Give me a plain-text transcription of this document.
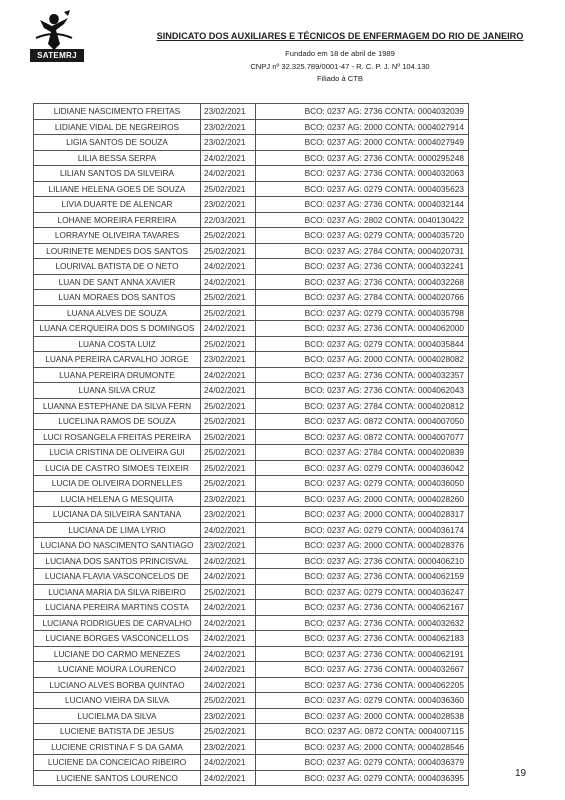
SATEMRJ
SINDICATO DOS AUXILIARES E TÉCNICOS DE ENFERMAGEM DO RIO DE JANEIRO
Fundado em 18 de abril de 1989
CNPJ nº 32.325.789/0001-47 - R. C. P. J. Nº 104.130
Filiado à CTB
LIDIANE NASCIMENTO FREITAS	23/02/2021	BCO: 0237 AG: 2736 CONTA: 0004032039
LIDIANE VIDAL DE NEGREIROS	23/02/2021	BCO: 0237 AG: 2000 CONTA: 0004027914
LIGIA SANTOS DE SOUZA	23/02/2021	BCO: 0237 AG: 2000 CONTA: 0004027949
LILIA BESSA SERPA	24/02/2021	BCO: 0237 AG: 2736 CONTA: 0000295248
LILIAN SANTOS DA SILVEIRA	24/02/2021	BCO: 0237 AG: 2736 CONTA: 0004032063
LILIANE HELENA GOES DE SOUZA	25/02/2021	BCO: 0237 AG: 0279 CONTA: 0004035623
LIVIA DUARTE DE ALENCAR	23/02/2021	BCO: 0237 AG: 2736 CONTA: 0004032144
LOHANE MOREIRA FERREIRA	22/03/2021	BCO: 0237 AG: 2802 CONTA: 0040130422
LORRAYNE OLIVEIRA TAVARES	25/02/2021	BCO: 0237 AG: 0279 CONTA: 0004035720
LOURINETE MENDES DOS SANTOS	25/02/2021	BCO: 0237 AG: 2784 CONTA: 0004020731
LOURIVAL BATISTA DE O NETO	24/02/2021	BCO: 0237 AG: 2736 CONTA: 0004032241
LUAN DE SANT ANNA XAVIER	24/02/2021	BCO: 0237 AG: 2736 CONTA: 0004032268
LUAN MORAES DOS SANTOS	25/02/2021	BCO: 0237 AG: 2784 CONTA: 0004020766
LUANA ALVES DE SOUZA	25/02/2021	BCO: 0237 AG: 0279 CONTA: 0004035798
LUANA CERQUEIRA DOS S DOMINGOS	24/02/2021	BCO: 0237 AG: 2736 CONTA: 0004062000
LUANA COSTA LUIZ	25/02/2021	BCO: 0237 AG: 0279 CONTA: 0004035844
LUANA PEREIRA CARVALHO JORGE	23/02/2021	BCO: 0237 AG: 2000 CONTA: 0004028082
LUANA PEREIRA DRUMONTE	24/02/2021	BCO: 0237 AG: 2736 CONTA: 0004032357
LUANA SILVA CRUZ	24/02/2021	BCO: 0237 AG: 2736 CONTA: 0004062043
LUANNA ESTEPHANE DA SILVA FERN	25/02/2021	BCO: 0237 AG: 2784 CONTA: 0004020812
LUCELINA RAMOS DE SOUZA	25/02/2021	BCO: 0237 AG: 0872 CONTA: 0004007050
LUCI ROSANGELA FREITAS PEREIRA	25/02/2021	BCO: 0237 AG: 0872 CONTA: 0004007077
LUCIA CRISTINA DE OLIVEIRA GUI	25/02/2021	BCO: 0237 AG: 2784 CONTA: 0004020839
LUCIA DE CASTRO SIMOES TEIXEIR	25/02/2021	BCO: 0237 AG: 0279 CONTA: 0004036042
LUCIA DE OLIVEIRA DORNELLES	25/02/2021	BCO: 0237 AG: 0279 CONTA: 0004036050
LUCIA HELENA G MESQUITA	23/02/2021	BCO: 0237 AG: 2000 CONTA: 0004028260
LUCIANA DA SILVEIRA SANTANA	23/02/2021	BCO: 0237 AG: 2000 CONTA: 0004028317
LUCIANA DE LIMA LYRIO	24/02/2021	BCO: 0237 AG: 0279 CONTA: 0004036174
LUCIANA DO NASCIMENTO SANTIAGO	23/02/2021	BCO: 0237 AG: 2000 CONTA: 0004028376
LUCIANA DOS SANTOS PRINCISVAL	24/02/2021	BCO: 0237 AG: 2736 CONTA: 0000406210
LUCIANA FLAVIA VASCONCELOS DE	24/02/2021	BCO: 0237 AG: 2736 CONTA: 0004062159
LUCIANA MARIA DA SILVA RIBEIRO	25/02/2021	BCO: 0237 AG: 0279 CONTA: 0004036247
LUCIANA PEREIRA MARTINS COSTA	24/02/2021	BCO: 0237 AG: 2736 CONTA: 0004062167
LUCIANA RODRIGUES DE CARVALHO	24/02/2021	BCO: 0237 AG: 2736 CONTA: 0004032632
LUCIANE BORGES VASCONCELLOS	24/02/2021	BCO: 0237 AG: 2736 CONTA: 0004062183
LUCIANE DO CARMO MENEZES	24/02/2021	BCO: 0237 AG: 2736 CONTA: 0004062191
LUCIANE MOURA LOURENCO	24/02/2021	BCO: 0237 AG: 2736 CONTA: 0004032667
LUCIANO ALVES BORBA QUINTAO	24/02/2021	BCO: 0237 AG: 2736 CONTA: 0004062205
LUCIANO VIEIRA DA SILVA	25/02/2021	BCO: 0237 AG: 0279 CONTA: 0004036360
LUCIELMA DA SILVA	23/02/2021	BCO: 0237 AG: 2000 CONTA: 0004028538
LUCIENE BATISTA DE JESUS	25/02/2021	BCO: 0237 AG: 0872 CONTA: 0004007115
LUCIENE CRISTINA F S DA GAMA	23/02/2021	BCO: 0237 AG: 2000 CONTA: 0004028546
LUCIENE DA CONCEICAO RIBEIRO	24/02/2021	BCO: 0237 AG: 0279 CONTA: 0004036379
LUCIENE SANTOS LOURENCO	24/02/2021	BCO: 0237 AG: 0279 CONTA: 0004036395	19
